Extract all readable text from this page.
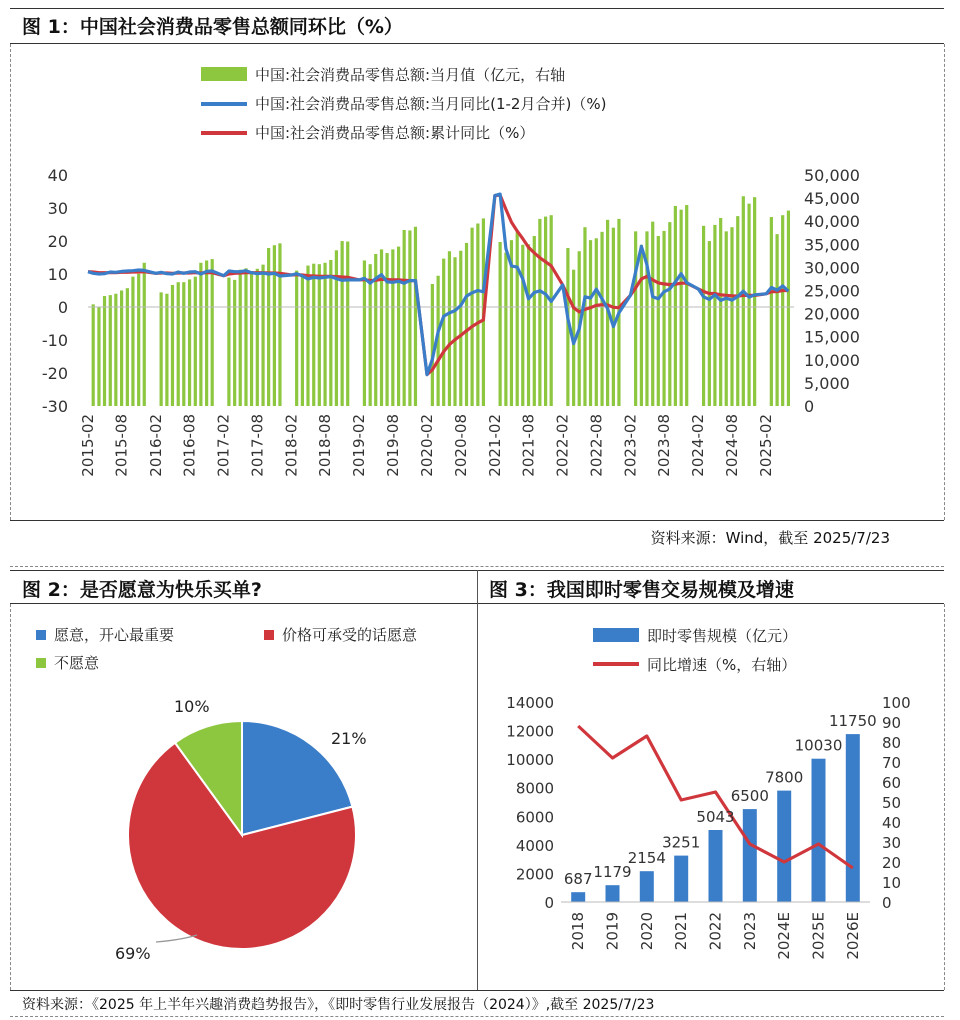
图 1：中国社会消费品零售总额同环比（%）
资料来源：Wind，截至 2025/7/23
图 2：是否愿意为快乐买单?	图 3：我国即时零售交易规模及增速
资料来源：《2025 年上半年兴趣消费趋势报告》，《即时零售行业发展报告（2024）》,截至 2025/7/23
中国:社会消费品零售总额:当月值（亿元，右轴
中国:社会消费品零售总额:当月同比(1-2月合并)（%)
中国:社会消费品零售总额:累计同比（%）
40
30
20
10
0
-10
-20
-30
50,000
45,000
40,000
35,000
30,000
25,000
20,000
15,000
10,000
5,000
0
2015-02 2015-08 2016-02 2016-08 2017-02 2017-08 2018-02 2018-08 2019-02 2019-08 2020-02 2020-08 2021-02 2021-08 2022-02 2022-08 2023-02 2023-08 2024-02 2024-08 2025-02
愿意，开心最重要	价格可承受的话愿意
不愿意
10%
21%
69%
即时零售规模（亿元）
同比增速（%，右轴）
14000
12000
10000
8000
6000
4000
2000
0
100
90
80
70
60
50
40
30
20
10
0
687 1179
2154
3251
5043
6500
7800
10030
11750
2018 2019 2020 2021 2022 2023 2024E 2025E 2026E
